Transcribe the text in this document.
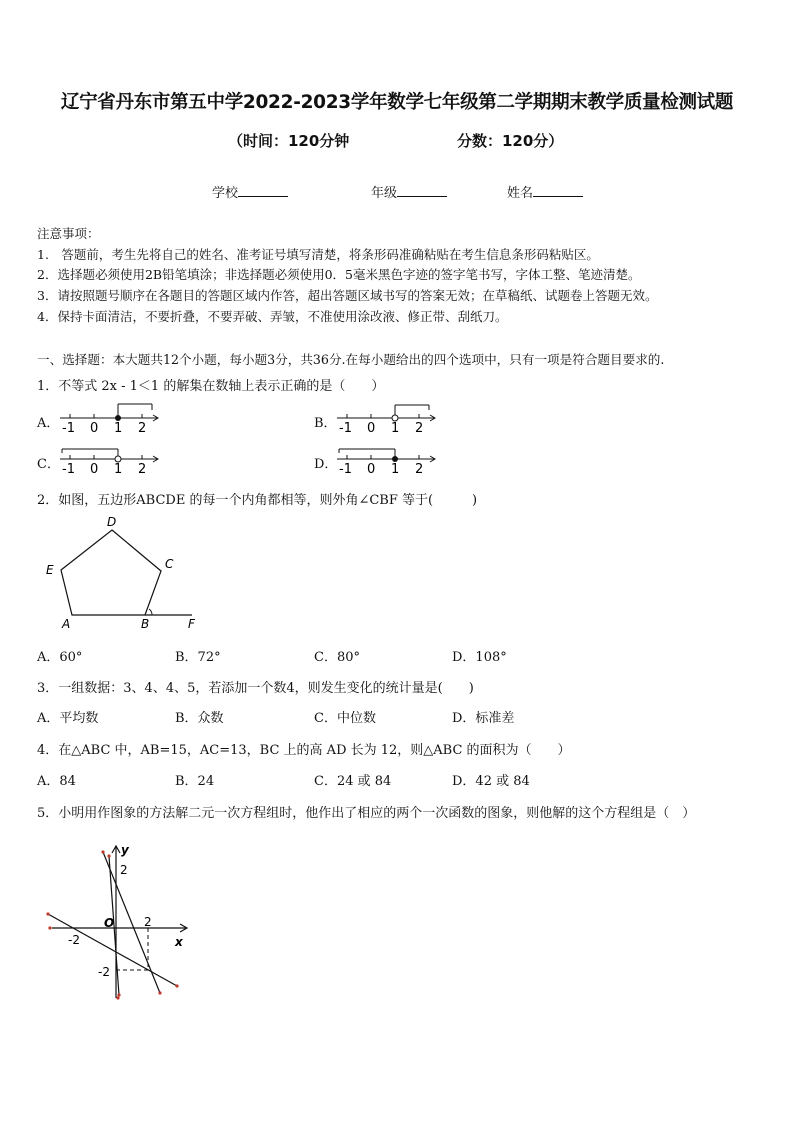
辽宁省丹东市第五中学2022-2023学年数学七年级第二学期期末教学质量检测试题
（时间：120分钟	分数：120分）
学校	年级	姓名
注意事项：
1.　答题前，考生先将自己的姓名、准考证号填写清楚，将条形码准确粘贴在考生信息条形码粘贴区。
2．选择题必须使用2B铅笔填涂；非选择题必须使用0．5毫米黑色字迹的签字笔书写，字体工整、笔迹清楚。
3．请按照题号顺序在各题目的答题区域内作答，超出答题区域书写的答案无效；在草稿纸、试题卷上答题无效。
4．保持卡面清洁，不要折叠，不要弄破、弄皱，不准使用涂改液、修正带、刮纸刀。
一、选择题：本大题共12个小题，每小题3分，共36分.在每小题给出的四个选项中，只有一项是符合题目要求的.
1．不等式 2x - 1＜1 的解集在数轴上表示正确的是（　　）
A．	B．
C．	D．
-1 0 1 2	-1 0 1 2
-1 0 1 2	-1 0 1 2
2．如图，五边形ABCDE 的每一个内角都相等，则外角∠CBF 等于(　　　)
D
C
E
A	B	F
A．60°	B．72°	C．80°	D．108°
3．一组数据：3、4、4、5，若添加一个数4，则发生变化的统计量是(　　)
A．平均数	B．众数	C．中位数	D．标准差
4．在△ABC 中，AB=15，AC=13，BC 上的高 AD 长为 12，则△ABC 的面积为（　　）
A．84	B．24	C．24 或 84	D．42 或 84
5．小明用作图象的方法解二元一次方程组时，他作出了相应的两个一次函数的图象，则他解的这个方程组是（　）
y
x
O
2
-2
2
-2
